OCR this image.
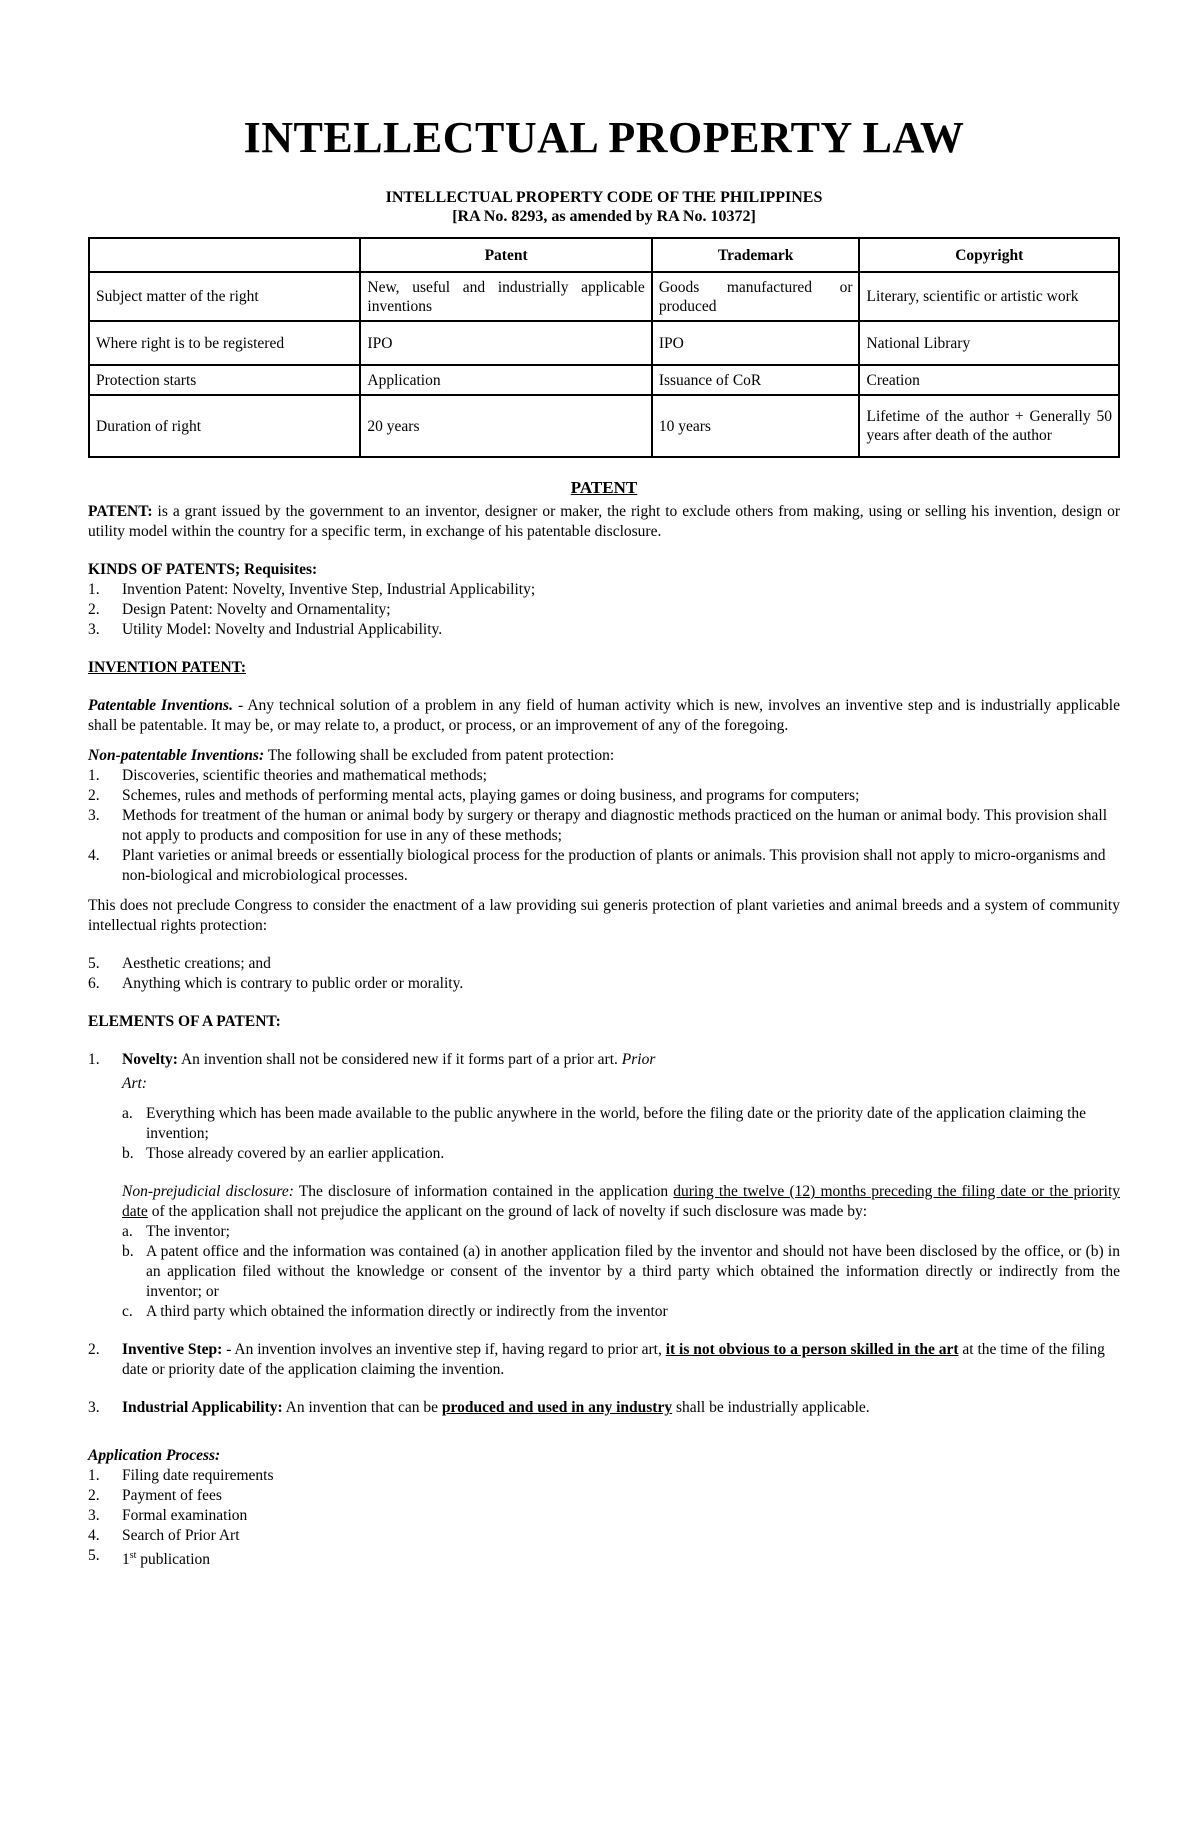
INTELLECTUAL PROPERTY LAW
INTELLECTUAL PROPERTY CODE OF THE PHILIPPINES
[RA No. 8293, as amended by RA No. 10372]
	Patent	Trademark	Copyright
Subject matter of the right	New, useful and industrially applicable inventions	Goods manufactured or produced	Literary, scientific or artistic work
Where right is to be registered	IPO	IPO	National Library
Protection starts	Application	Issuance of CoR	Creation
Duration of right	20 years	10 years	Lifetime of the author + Generally 50 years after death of the author

PATENT

PATENT: is a grant issued by the government to an inventor, designer or maker, the right to exclude others from making, using or selling his invention, design or utility model within the country for a specific term, in exchange of his patentable disclosure.

KINDS OF PATENTS; Requisites:

1.	Invention Patent: Novelty, Inventive Step, Industrial Applicability;
2.	Design Patent: Novelty and Ornamentality;
3.	Utility Model: Novelty and Industrial Applicability.

INVENTION PATENT:

Patentable Inventions. - Any technical solution of a problem in any field of human activity which is new, involves an inventive step and is industrially applicable shall be patentable. It may be, or may relate to, a product, or process, or an improvement of any of the foregoing.

Non-patentable Inventions: The following shall be excluded from patent protection:

1.	Discoveries, scientific theories and mathematical methods;
2.	Schemes, rules and methods of performing mental acts, playing games or doing business, and programs for computers;
3.	Methods for treatment of the human or animal body by surgery or therapy and diagnostic methods practiced on the human or animal body. This provision shall not apply to products and composition for use in any of these methods;
4.	Plant varieties or animal breeds or essentially biological process for the production of plants or animals. This provision shall not apply to micro-organisms and non-biological and microbiological processes.

This does not preclude Congress to consider the enactment of a law providing sui generis protection of plant varieties and animal breeds and a system of community intellectual rights protection:

5.	Aesthetic creations; and
6.	Anything which is contrary to public order or morality.

ELEMENTS OF A PATENT:

1.	Novelty: An invention shall not be considered new if it forms part of a prior art. Prior

Art:

a. Everything which has been made available to the public anywhere in the world, before the filing date or the priority date of the application claiming the invention;
b. Those already covered by an earlier application.

Non-prejudicial disclosure: The disclosure of information contained in the application during the twelve (12) months preceding the filing date or the priority date of the application shall not prejudice the applicant on the ground of lack of novelty if such disclosure was made by:

a. The inventor;
b. A patent office and the information was contained (a) in another application filed by the inventor and should not have been disclosed by the office, or (b) in an application filed without the knowledge or consent of the inventor by a third party which obtained the information directly or indirectly from the inventor; or
c. A third party which obtained the information directly or indirectly from the inventor
2.	Inventive Step: - An invention involves an inventive step if, having regard to prior art, it is not obvious to a person skilled in the art at the time of the filing date or priority date of the application claiming the invention.
3.	Industrial Applicability: An invention that can be produced and used in any industry shall be industrially applicable.

Application Process:

1.	Filing date requirements
2.	Payment of fees
3.	Formal examination
4.	Search of Prior Art
5.	1st publication
